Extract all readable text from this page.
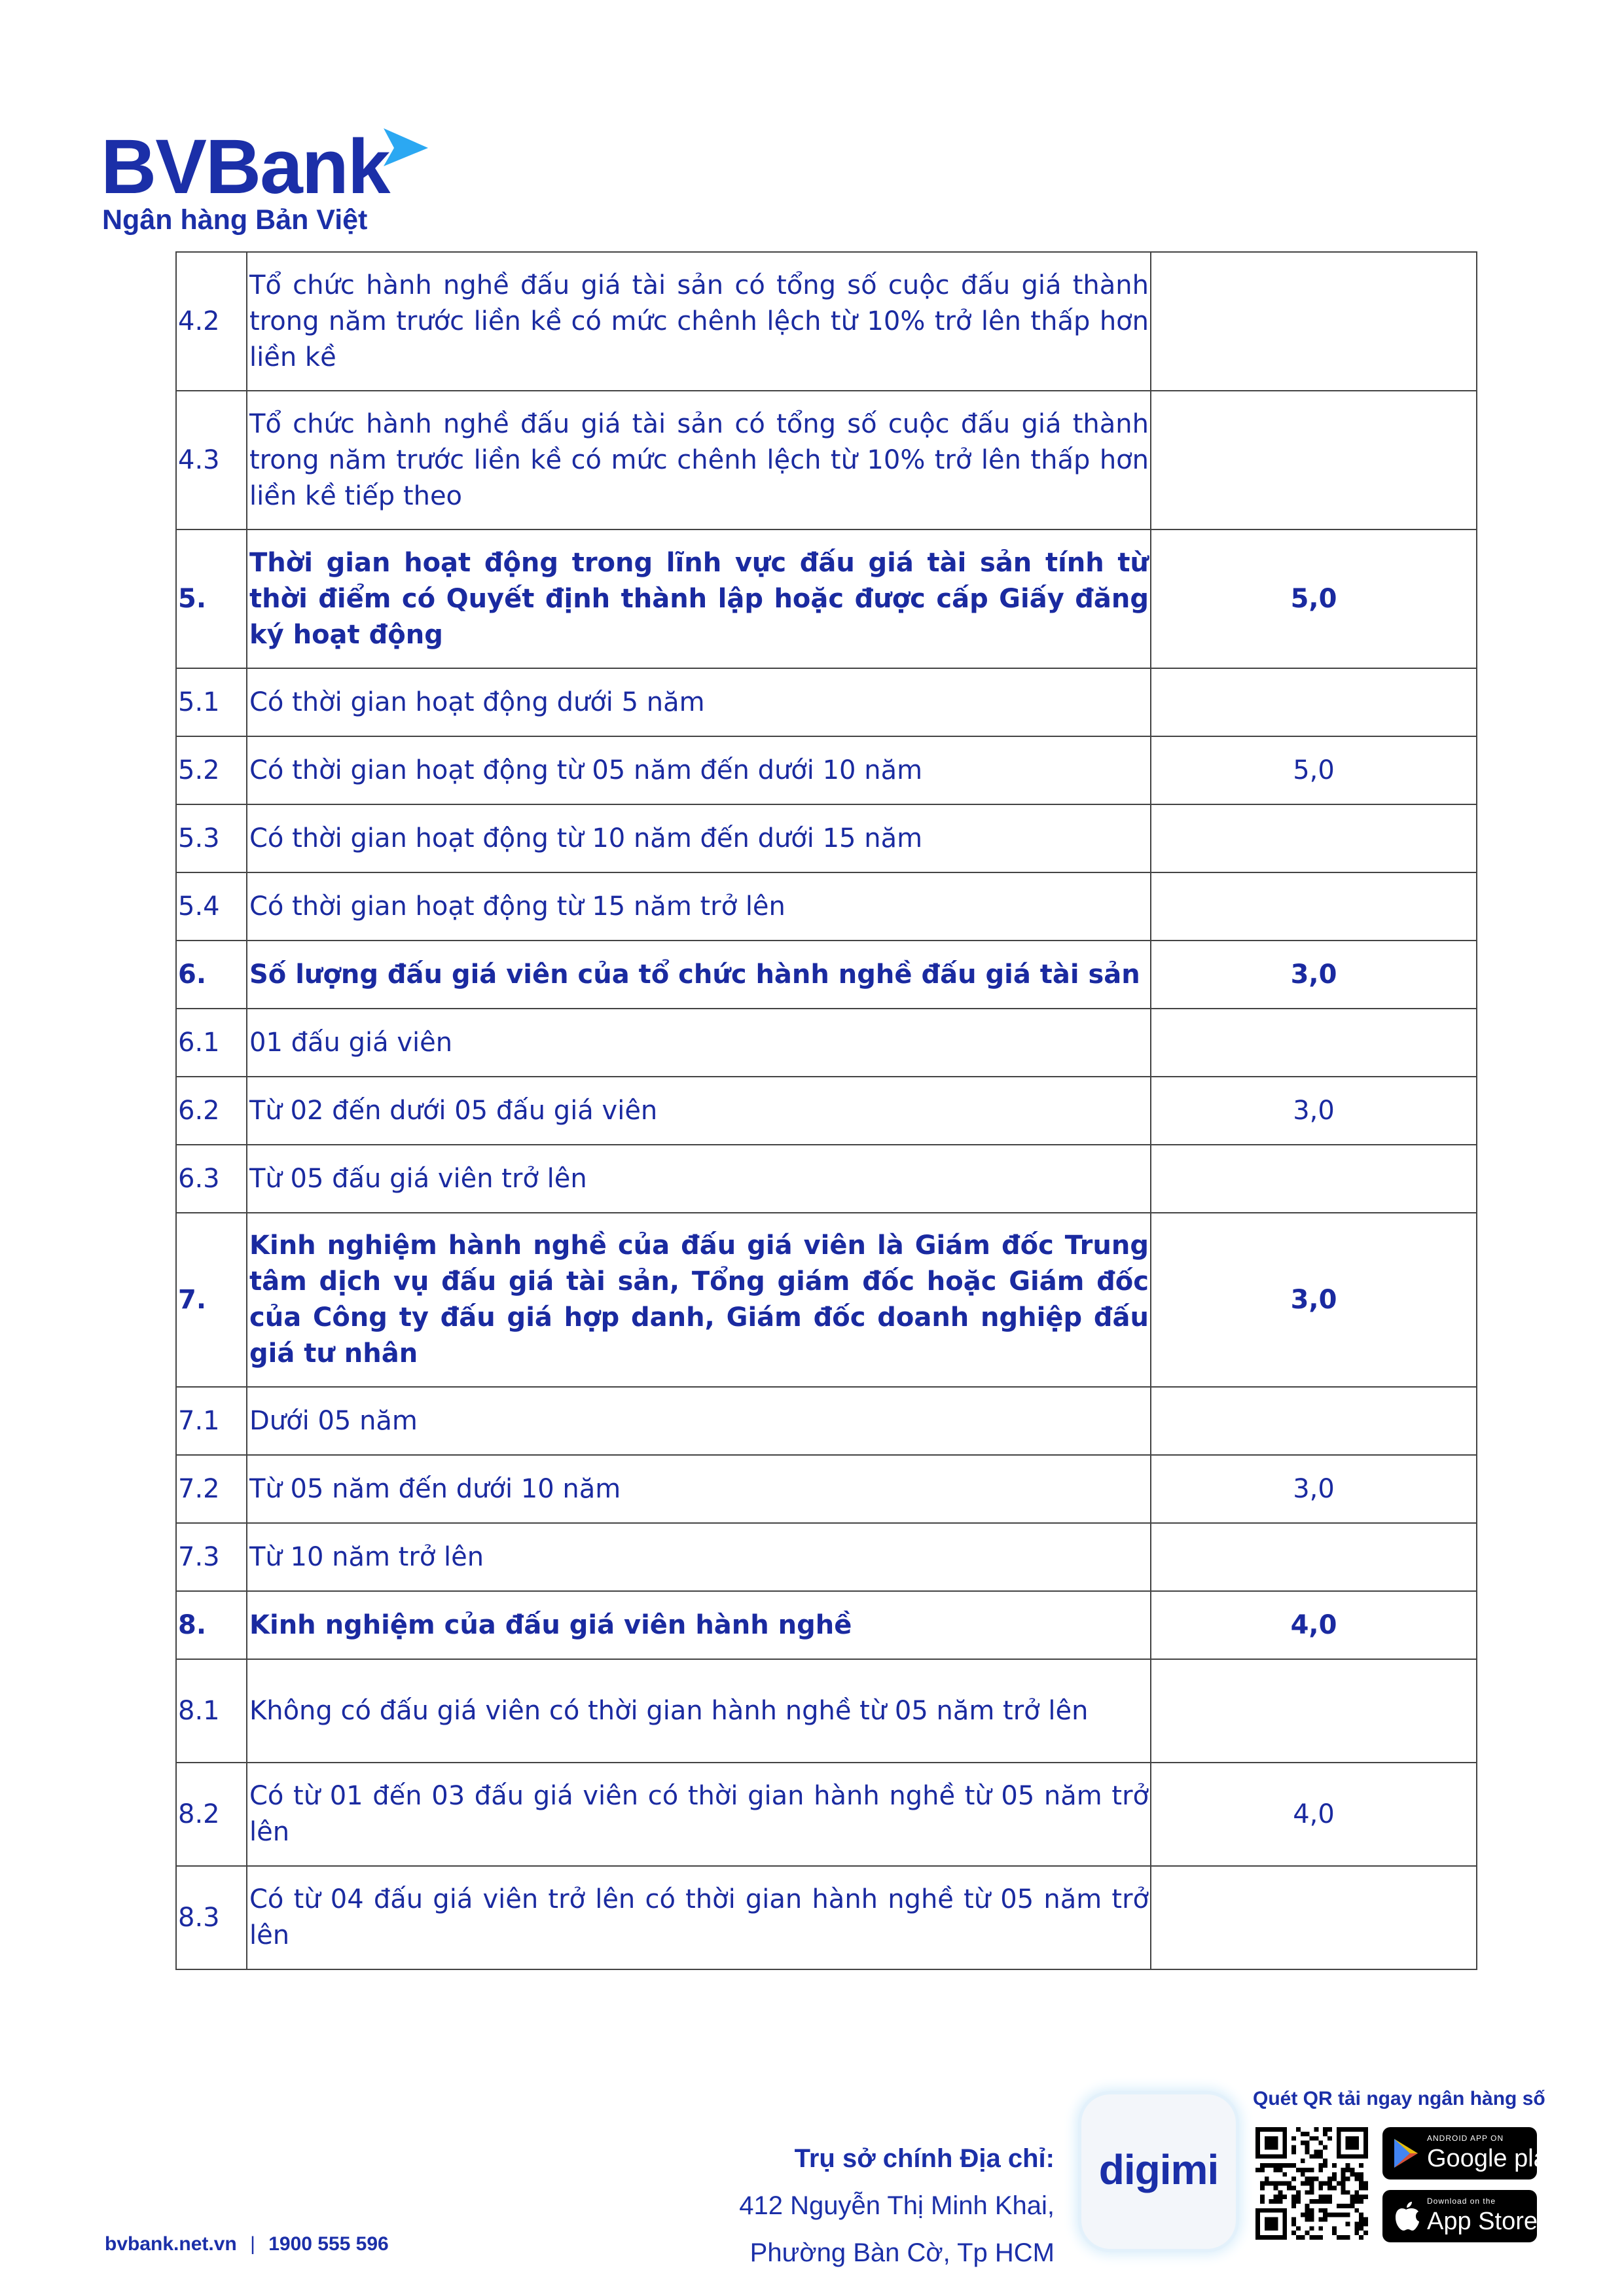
BVBank
Ngân hàng Bản Việt
4.2	Tổ chức hành nghề đấu giá tài sản có tổng số cuộc đấu giá thành trong năm trước liền kề có mức chênh lệch từ 10% trở lên thấp hơn liền kề	
4.3	Tổ chức hành nghề đấu giá tài sản có tổng số cuộc đấu giá thành trong năm trước liền kề có mức chênh lệch từ 10% trở lên thấp hơn liền kề tiếp theo	
5.	Thời gian hoạt động trong lĩnh vực đấu giá tài sản tính từ thời điểm có Quyết định thành lập hoặc được cấp Giấy đăng ký hoạt động	5,0
5.1	Có thời gian hoạt động dưới 5 năm	
5.2	Có thời gian hoạt động từ 05 năm đến dưới 10 năm	5,0
5.3	Có thời gian hoạt động từ 10 năm đến dưới 15 năm	
5.4	Có thời gian hoạt động từ 15 năm trở lên	
6.	Số lượng đấu giá viên của tổ chức hành nghề đấu giá tài sản	3,0
6.1	01 đấu giá viên	
6.2	Từ 02 đến dưới 05 đấu giá viên	3,0
6.3	Từ 05 đấu giá viên trở lên	
7.	Kinh nghiệm hành nghề của đấu giá viên là Giám đốc Trung tâm dịch vụ đấu giá tài sản, Tổng giám đốc hoặc Giám đốc của Công ty đấu giá hợp danh, Giám đốc doanh nghiệp đấu giá tư nhân	3,0
7.1	Dưới 05 năm	
7.2	Từ 05 năm đến dưới 10 năm	3,0
7.3	Từ 10 năm trở lên	
8.	Kinh nghiệm của đấu giá viên hành nghề	4,0
8.1	Không có đấu giá viên có thời gian hành nghề từ 05 năm trở lên	
8.2	Có từ 01 đến 03 đấu giá viên có thời gian hành nghề từ 05 năm trở lên	4,0
8.3	Có từ 04 đấu giá viên trở lên có thời gian hành nghề từ 05 năm trở lên	
bvbank.net.vn | 1900 555 596
Trụ sở chính Địa chỉ:
412 Nguyễn Thị Minh Khai,
Phường Bàn Cờ, Tp HCM
digimi
Quét QR tải ngay ngân hàng số
ANDROID APP ON
Google play
Download on the
App Store
